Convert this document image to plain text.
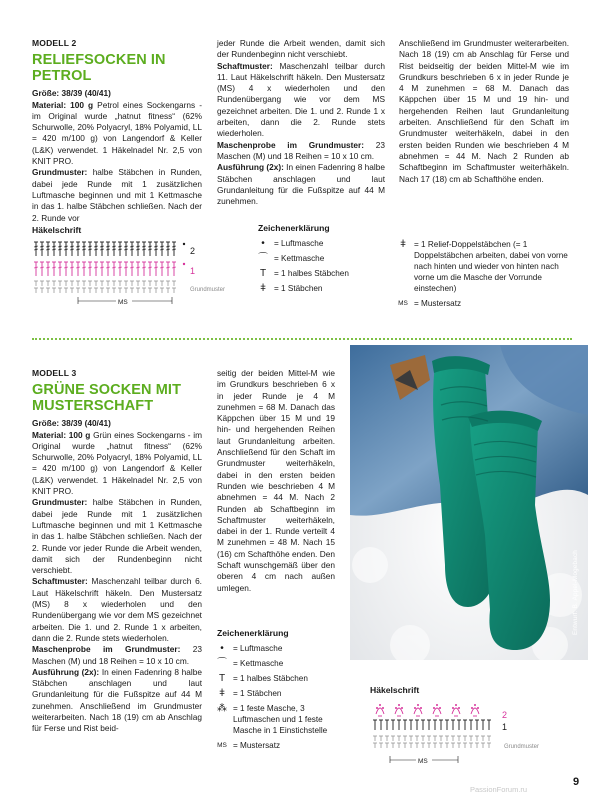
MODELL 2
RELIEFSOCKEN IN PETROL

Größe: 38/39 (40/41)

Material: 100 g Petrol eines Sockengarns - im Original wurde „hatnut fitness“ (62% Schurwolle, 20% Polyacryl, 18% Polyamid, LL = 420 m/100 g) von Langendorf & Keller (L&K) verwendet. 1 Häkelnadel Nr. 2,5 von KNIT PRO.

Grundmuster: halbe Stäbchen in Runden, dabei jede Runde mit 1 zusätzlichen Luftmasche beginnen und mit 1 Kettmasche in das 1. halbe Stäbchen schließen. Nach der 2. Runde vor

jeder Runde die Arbeit wenden, damit sich der Rundenbeginn nicht verschiebt.

Schaftmuster: Maschenzahl teilbar durch 11. Laut Häkelschrift häkeln. Den Mustersatz (MS) 4 x wiederholen und den Rundenübergang wie vor dem MS gezeichnet arbeiten. Die 1. und 2. Runde 1 x arbeiten, dann die 2. Runde stets wiederholen.

Maschenprobe im Grundmuster: 23 Maschen (M) und 18 Reihen = 10 x 10 cm.

Ausführung (2x): In einen Fadenring 8 halbe Stäbchen anschlagen und laut Grundanleitung für die Fußspitze auf 44 M zunehmen.

Anschließend im Grundmuster weiterarbeiten. Nach 18 (19) cm ab Anschlag für Ferse und Rist beidseitig der beiden Mittel-M wie im Grundkurs beschrieben 6 x in jeder Runde je 4 M zunehmen = 68 M. Danach das Käppchen über 15 M und 19 hin- und hergehenden Reihen laut Grundanleitung arbeiten. Anschließend für den Schaft im Grundmuster weiterhäkeln, dabei in den ersten beiden Runden wie beschrieben 4 M abnehmen = 44 M. Nach 2 Runden ab Schaftbeginn im Schaftmuster weiterhäkeln. Nach 17 (18) cm ab Schafthöhe enden.

Häkelschrift
2
1
Grundmuster
MS
Zeichenerklärung
•	= Luftmasche
⌒ = Kettmasche
T = 1 halbes Stäbchen
ǂ = 1 Stäbchen
ǂ = 1 Relief-Doppelstäbchen (= 1 Doppelstäbchen arbeiten, dabei von vorne nach hinten und wieder von hinten nach vorne um die Masche der Vorrunde einstechen)
MS = Mustersatz
MODELL 3
GRÜNE SOCKEN MIT MUSTERSCHAFT

Größe: 38/39 (40/41)

Material: 100 g Grün eines Sockengarns - im Original wurde „hatnut fitness“ (62% Schurwolle, 20% Polyacryl, 18% Polyamid, LL = 420 m/100 g) von Langendorf & Keller (L&K) verwendet. 1 Häkelnadel Nr. 2,5 von KNIT PRO.

Grundmuster: halbe Stäbchen in Runden, dabei jede Runde mit 1 zusätzlichen Luftmasche beginnen und mit 1 Kettmasche in das 1. halbe Stäbchen schließen. Nach der 2. Runde vor jeder Runde die Arbeit wenden, damit sich der Rundenbeginn nicht verschiebt.

Schaftmuster: Maschenzahl teilbar durch 6. Laut Häkelschrift häkeln. Den Mustersatz (MS) 8 x wiederholen und den Rundenübergang wie vor dem MS gezeichnet arbeiten. Die 1. und 2. Runde 1 x arbeiten, dann die 2. Runde stets wiederholen.

Maschenprobe im Grundmuster: 23 Maschen (M) und 18 Reihen = 10 x 10 cm.

Ausführung (2x): In einen Fadenring 8 halbe Stäbchen anschlagen und laut Grundanleitung für die Fußspitze auf 44 M zunehmen. Anschließend im Grundmuster weiterarbeiten. Nach 18 (19) cm ab Anschlag für Ferse und Rist beid-

seitig der beiden Mittel-M wie im Grundkurs beschrieben 6 x in jeder Runde je 4 M zunehmen = 68 M. Danach das Käppchen über 15 M und 19 hin- und hergehenden Reihen laut Grundanleitung arbeiten. Anschließend für den Schaft im Grundmuster weiterhäkeln, dabei in den ersten beiden Runden wie beschrieben 4 M abnehmen = 44 M. Nach 2 Runden ab Schaftbeginn im Schaftmuster weiterhäkeln, dabei in der 1. Runde verteilt 4 M zunehmen = 48 M. Nach 15 (16) cm Schafthöhe enden. Den Schaft wunschgemäß über den oberen 4 cm nach außen umlegen.

Zeichenerklärung
•	= Luftmasche
⌒ = Kettmasche
T = 1 halbes Stäbchen
ǂ = 1 Stäbchen
⁂ = 1 feste Masche, 3 Luftmaschen und 1 feste Masche in 1 Einstichstelle
MS = Mustersatz
Entwurf: B. Appel-Mogebach
Häkelschrift
2
1
Grundmuster
MS
PassionForum.ru
9
